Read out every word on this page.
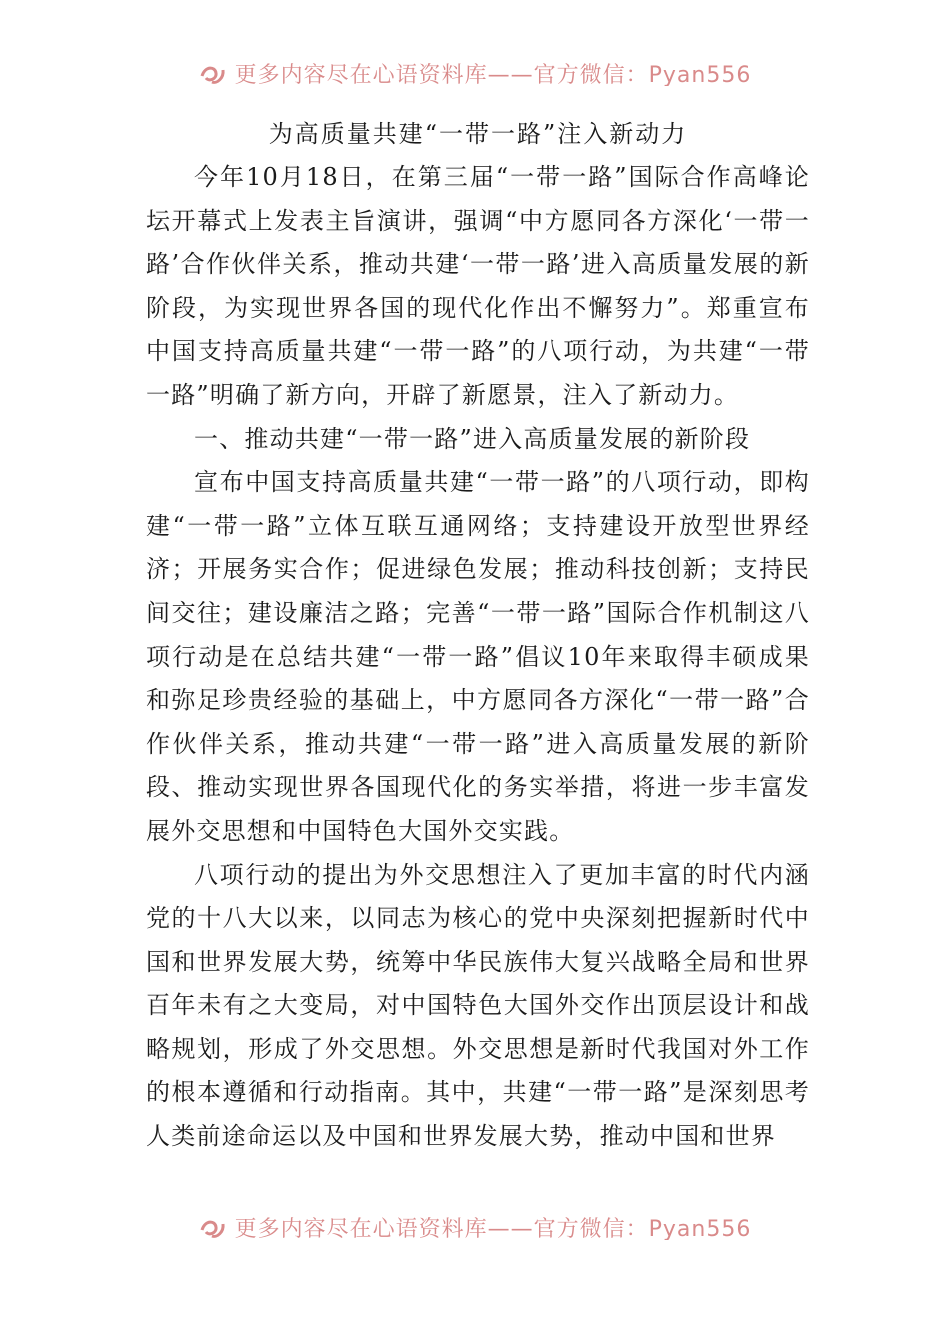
更多内容尽在心语资料库——官方微信：Pyan556
为高质量共建“一带一路”注入新动力

今年10月18日，在第三届“一带一路”国际合作高峰论坛开幕式上发表主旨演讲，强调“中方愿同各方深化‘一带一路’合作伙伴关系，推动共建‘一带一路’进入高质量发展的新阶段，为实现世界各国的现代化作出不懈努力”。郑重宣布中国支持高质量共建“一带一路”的八项行动，为共建“一带一路”明确了新方向，开辟了新愿景，注入了新动力。

一、推动共建“一带一路”进入高质量发展的新阶段

宣布中国支持高质量共建“一带一路”的八项行动，即构建“一带一路”立体互联互通网络；支持建设开放型世界经济；开展务实合作；促进绿色发展；推动科技创新；支持民间交往；建设廉洁之路；完善“一带一路”国际合作机制这八项行动是在总结共建“一带一路”倡议10年来取得丰硕成果和弥足珍贵经验的基础上，中方愿同各方深化“一带一路”合作伙伴关系，推动共建“一带一路”进入高质量发展的新阶段、推动实现世界各国现代化的务实举措，将进一步丰富发展外交思想和中国特色大国外交实践。

八项行动的提出为外交思想注入了更加丰富的时代内涵党的十八大以来，以同志为核心的党中央深刻把握新时代中国和世界发展大势，统筹中华民族伟大复兴战略全局和世界百年未有之大变局，对中国特色大国外交作出顶层设计和战略规划，形成了外交思想。外交思想是新时代我国对外工作的根本遵循和行动指南。其中，共建“一带一路”是深刻思考人类前途命运以及中国和世界发展大势，推动中国和世界

更多内容尽在心语资料库——官方微信：Pyan556
